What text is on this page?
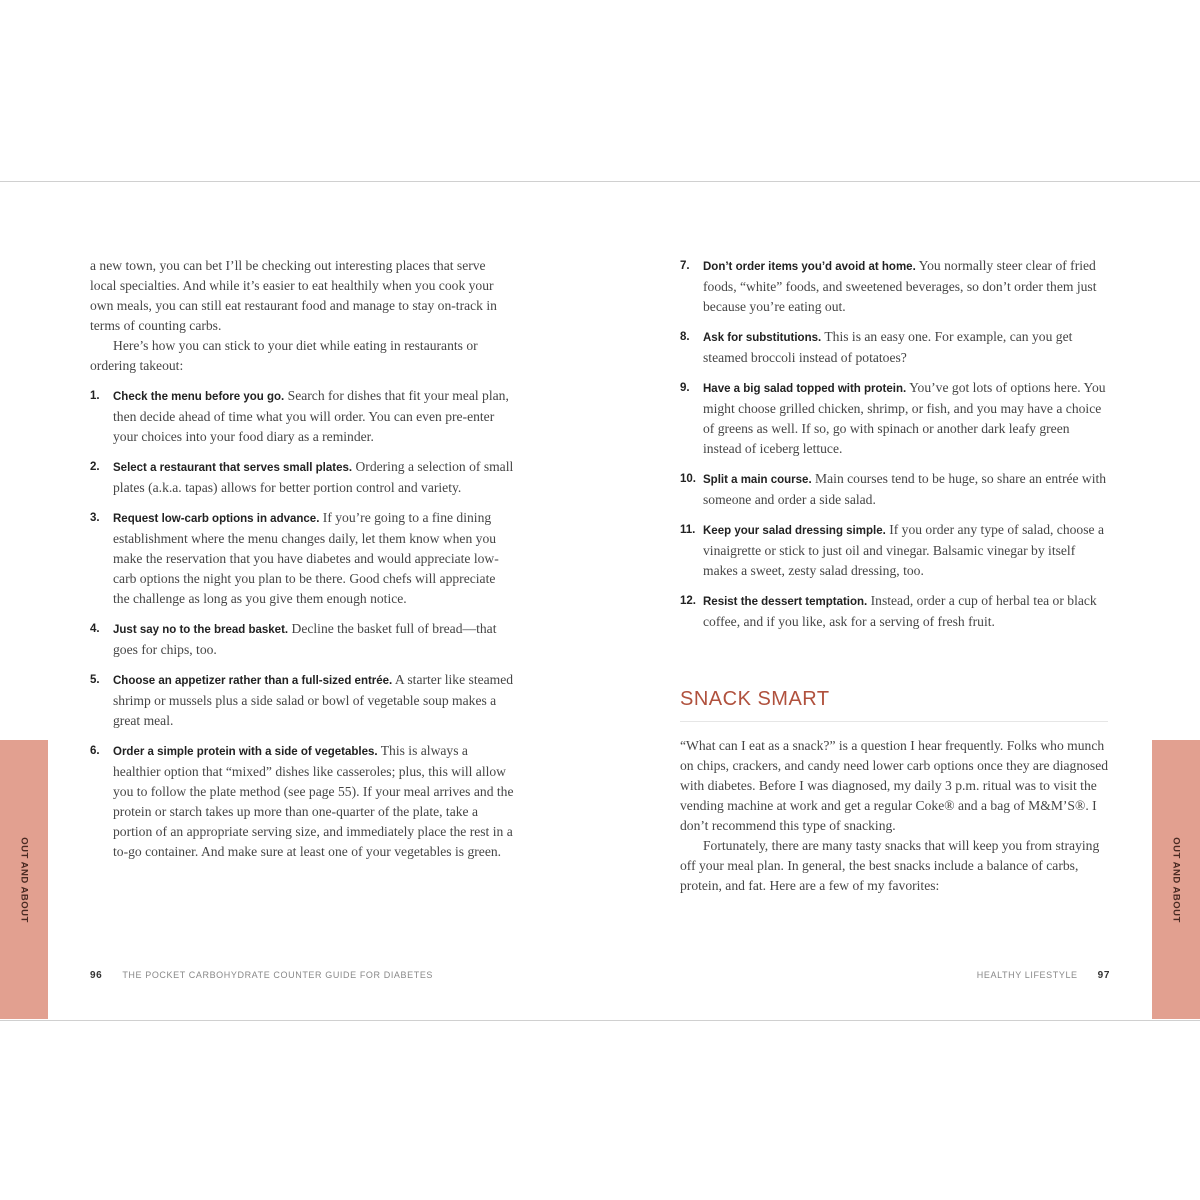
OUT AND ABOUT	OUT AND ABOUT

a new town, you can bet I’ll be checking out interesting places that serve local specialties. And while it’s easier to eat healthily when you cook your own meals, you can still eat restaurant food and manage to stay on-track in terms of counting carbs.

Here’s how you can stick to your diet while eating in restaurants or ordering takeout:

1. Check the menu before you go. Search for dishes that fit your meal plan, then decide ahead of time what you will order. You can even pre-enter your choices into your food diary as a reminder.
2. Select a restaurant that serves small plates. Ordering a selection of small plates (a.k.a. tapas) allows for better portion control and variety.
3. Request low-carb options in advance. If you’re going to a fine dining establishment where the menu changes daily, let them know when you make the reservation that you have diabetes and would appreciate low-carb options the night you plan to be there. Good chefs will appreciate the challenge as long as you give them enough notice.
4. Just say no to the bread basket. Decline the basket full of bread—that goes for chips, too.
5. Choose an appetizer rather than a full-sized entrée. A starter like steamed shrimp or mussels plus a side salad or bowl of vegetable soup makes a great meal.
6. Order a simple protein with a side of vegetables. This is always a healthier option that “mixed” dishes like casseroles; plus, this will allow you to follow the plate method (see page 55). If your meal arrives and the protein or starch takes up more than one-quarter of the plate, take a portion of an appropriate serving size, and immediately place the rest in a to-go container. And make sure at least one of your vegetables is green.
7. Don’t order items you’d avoid at home. You normally steer clear of fried foods, “white” foods, and sweetened beverages, so don’t order them just because you’re eating out.
8. Ask for substitutions. This is an easy one. For example, can you get steamed broccoli instead of potatoes?
9. Have a big salad topped with protein. You’ve got lots of options here. You might choose grilled chicken, shrimp, or fish, and you may have a choice of greens as well. If so, go with spinach or another dark leafy green instead of iceberg lettuce.
10. Split a main course. Main courses tend to be huge, so share an entrée with someone and order a side salad.
11. Keep your salad dressing simple. If you order any type of salad, choose a vinaigrette or stick to just oil and vinegar. Balsamic vinegar by itself makes a sweet, zesty salad dressing, too.
12. Resist the dessert temptation. Instead, order a cup of herbal tea or black coffee, and if you like, ask for a serving of fresh fruit.
SNACK SMART

“What can I eat as a snack?” is a question I hear frequently. Folks who munch on chips, crackers, and candy need lower carb options once they are diagnosed with diabetes. Before I was diagnosed, my daily 3 p.m. ritual was to visit the vending machine at work and get a regular Coke® and a bag of M&M’S®. I don’t recommend this type of snacking.

Fortunately, there are many tasty snacks that will keep you from straying off your meal plan. In general, the best snacks include a balance of carbs, protein, and fat. Here are a few of my favorites:

96 THE POCKET CARBOHYDRATE COUNTER GUIDE FOR DIABETES	HEALTHY LIFESTYLE 97
